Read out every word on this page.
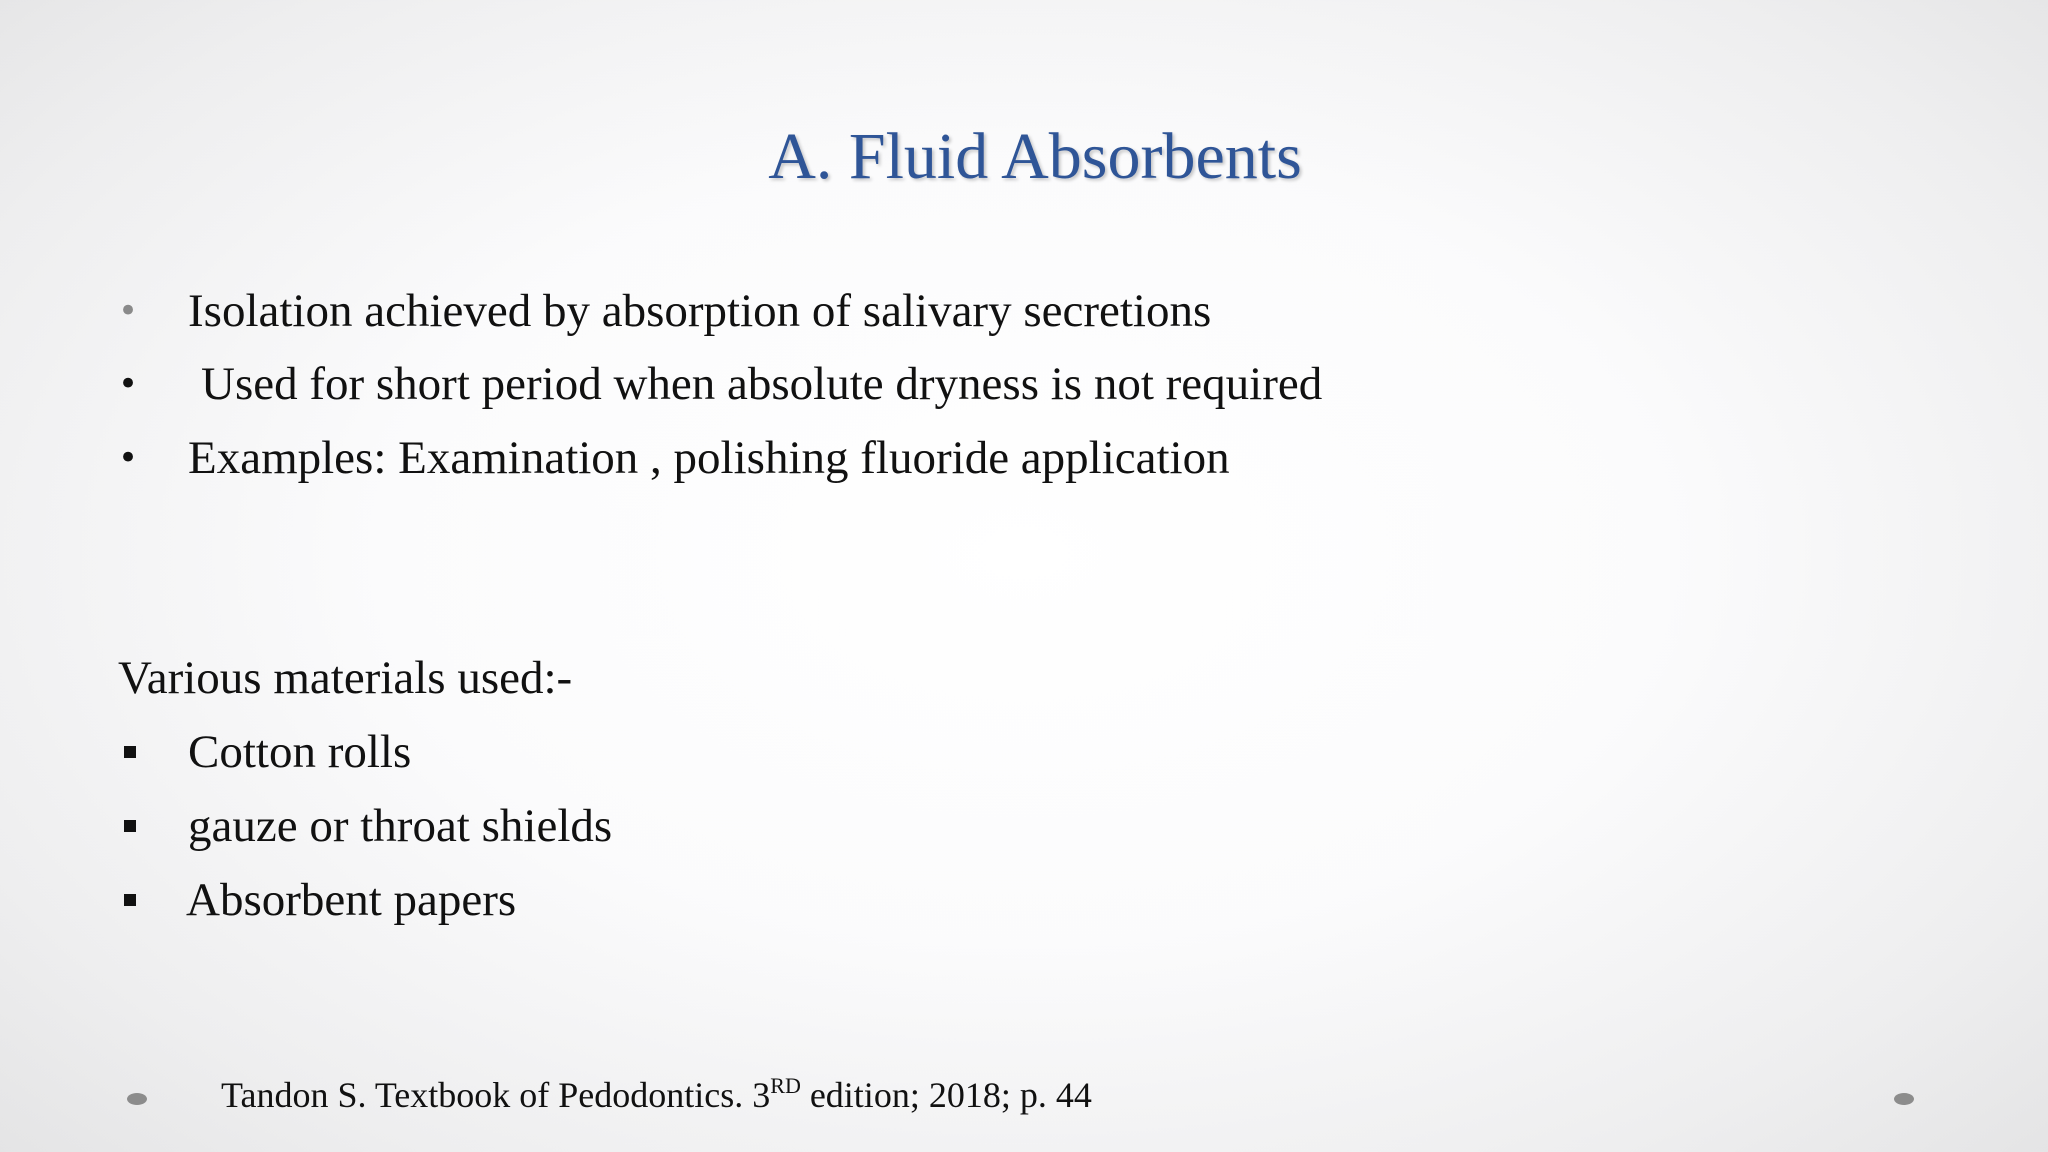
A. Fluid Absorbents
• Isolation achieved by absorption of salivary secretions
• Used for short period when absolute dryness is not required
• Examples: Examination , polishing fluoride application
Various materials used:-
Cotton rolls
gauze or throat shields
Absorbent papers
Tandon S. Textbook of Pedodontics. 3RD edition; 2018; p. 44
